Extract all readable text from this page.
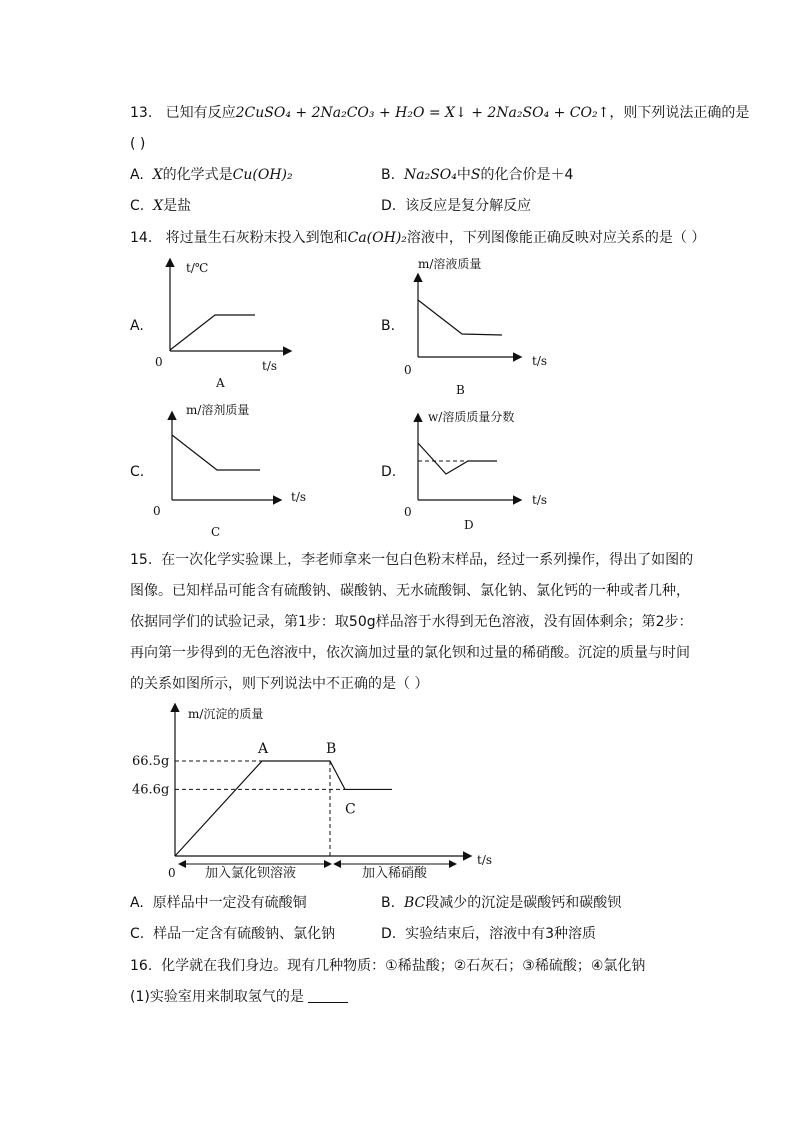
13. 已知有反应2CuSO₄ + 2Na₂CO₃ + H₂O = X↓ + 2Na₂SO₄ + CO₂↑，则下列说法正确的是
( )
A. X的化学式是Cu(OH)₂	B. Na₂SO₄中S的化合价是＋4
C. X是盐	D. 该反应是复分解反应
14. 将过量生石灰粉末投入到饱和Ca(OH)₂溶液中，下列图像能正确反映对应关系的是（ ）
A.
t/℃
t/s
0
A
B.
m/溶液质量
t/s
0
B
C.
m/溶剂质量
t/s
0
C
D.
w/溶质质量分数
t/s
0
D
15. 在一次化学实验课上，李老师拿来一包白色粉末样品，经过一系列操作，得出了如图的
图像。已知样品可能含有硫酸钠、碳酸钠、无水硫酸铜、氯化钠、氯化钙的一种或者几种，
依据同学们的试验记录，第1步：取50g样品溶于水得到无色溶液，没有固体剩余；第2步：
再向第一步得到的无色溶液中，依次滴加过量的氯化钡和过量的稀硝酸。沉淀的质量与时间
的关系如图所示，则下列说法中不正确的是（ ）
m/沉淀的质量
t/s
0
66.5g
46.6g
A	B
C
加入氯化钡溶液	加入稀硝酸
A. 原样品中一定没有硫酸铜	B. BC段减少的沉淀是碳酸钙和碳酸钡
C. 样品一定含有硫酸钠、氯化钠	D. 实验结束后，溶液中有3种溶质
16. 化学就在我们身边。现有几种物质：①稀盐酸；②石灰石；③稀硫酸；④氯化钠
(1)实验室用来制取氢气的是
